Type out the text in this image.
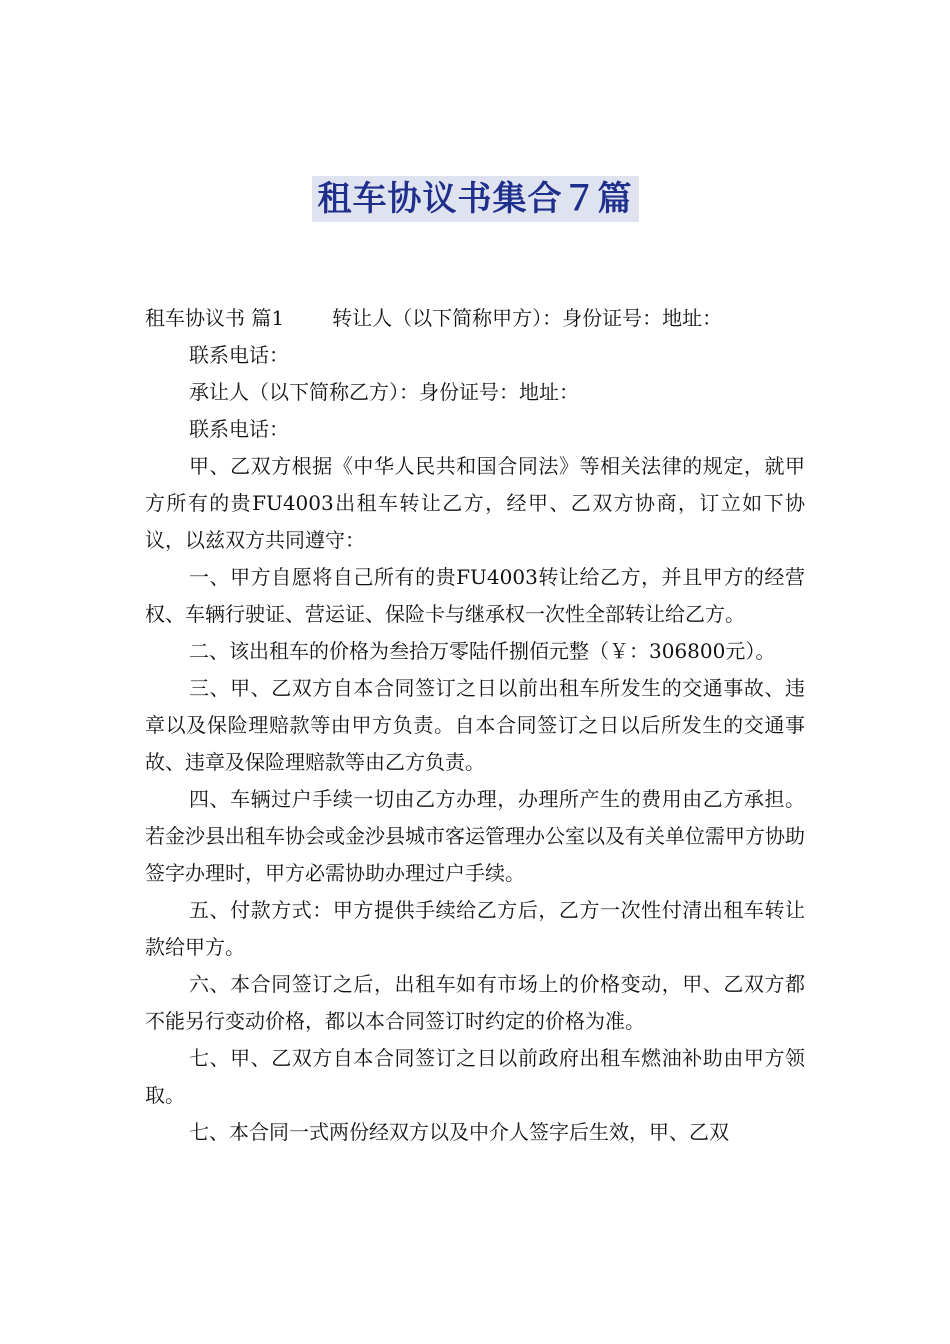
租车协议书集合７篇

租车协议书 篇1 转让人（以下简称甲方）：身份证号：地址：

联系电话：

承让人（以下简称乙方）：身份证号：地址：

联系电话：

甲、乙双方根据《中华人民共和国合同法》等相关法律的规定，就甲方所有的贵FU4003出租车转让乙方，经甲、乙双方协商，订立如下协议，以兹双方共同遵守：

一、甲方自愿将自己所有的贵FU4003转让给乙方，并且甲方的经营权、车辆行驶证、营运证、保险卡与继承权一次性全部转让给乙方。

二、该出租车的价格为叁拾万零陆仟捌佰元整（￥：306800元）。

三、甲、乙双方自本合同签订之日以前出租车所发生的交通事故、违章以及保险理赔款等由甲方负责。自本合同签订之日以后所发生的交通事故、违章及保险理赔款等由乙方负责。

四、车辆过户手续一切由乙方办理，办理所产生的费用由乙方承担。若金沙县出租车协会或金沙县城市客运管理办公室以及有关单位需甲方协助签字办理时，甲方必需协助办理过户手续。

五、付款方式：甲方提供手续给乙方后，乙方一次性付清出租车转让款给甲方。

六、本合同签订之后，出租车如有市场上的价格变动，甲、乙双方都不能另行变动价格，都以本合同签订时约定的价格为准。

七、甲、乙双方自本合同签订之日以前政府出租车燃油补助由甲方领取。

七、本合同一式两份经双方以及中介人签字后生效，甲、乙双
